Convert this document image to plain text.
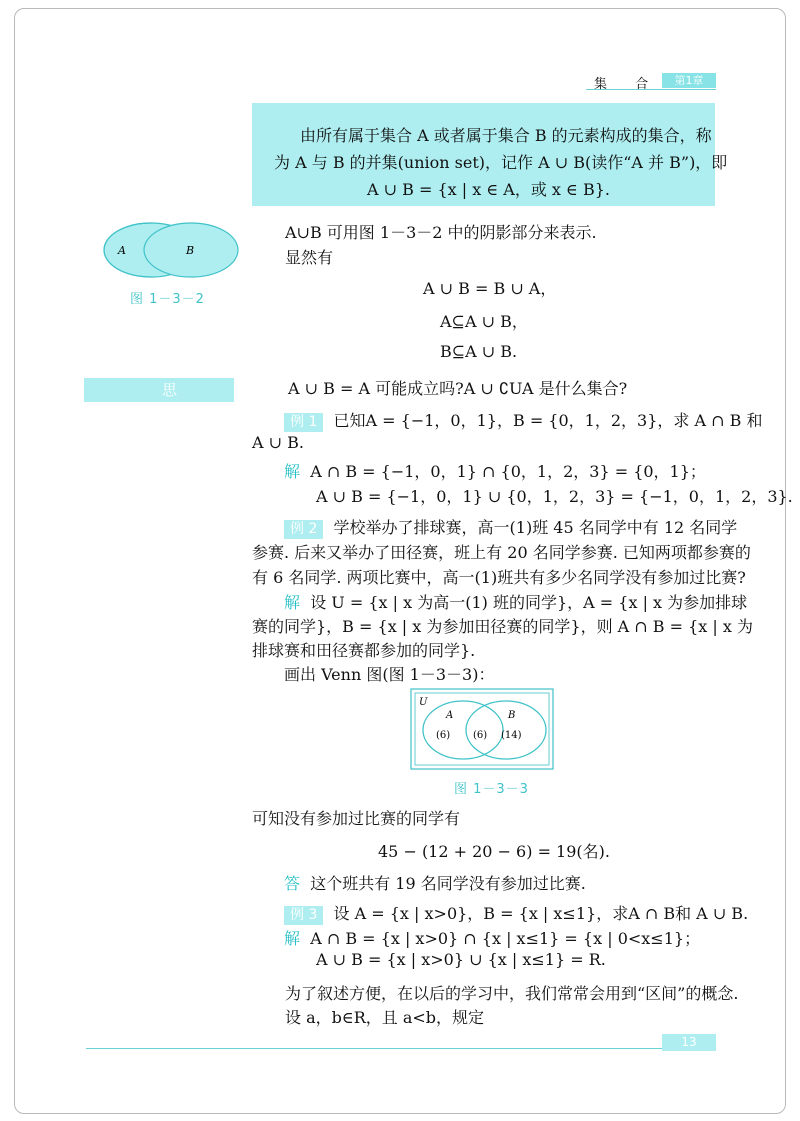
集 合	第1章
由所有属于集合 A 或者属于集合 B 的元素构成的集合，称
为 A 与 B 的并集(union set)，记作 A ∪ B(读作“A 并 B”)，即
A ∪ B = {x | x ∈ A，或 x ∈ B}.
A	B
图 1－3－2
A∪B 可用图 1－3－2 中的阴影部分来表示.
显然有
A ∪ B = B ∪ A，
A⊆A ∪ B，
B⊆A ∪ B.
思 考
A ∪ B = A 可能成立吗?A ∪ ∁UA 是什么集合?
例 1 已知A = {−1，0，1}，B = {0，1，2，3}，求 A ∩ B 和
A ∪ B.
解 A ∩ B = {−1，0，1} ∩ {0，1，2，3} = {0，1}；
A ∪ B = {−1，0，1} ∪ {0，1，2，3} = {−1，0，1，2，3}.
例 2 学校举办了排球赛，高一(1)班 45 名同学中有 12 名同学
参赛. 后来又举办了田径赛，班上有 20 名同学参赛. 已知两项都参赛的
有 6 名同学. 两项比赛中，高一(1)班共有多少名同学没有参加过比赛?
解 设 U = {x | x 为高一(1) 班的同学}，A = {x | x 为参加排球
赛的同学}，B = {x | x 为参加田径赛的同学}，则 A ∩ B = {x | x 为
排球赛和田径赛都参加的同学}.
画出 Venn 图(图 1－3－3)：
U
A	B
(6) (6) (14)
图 1－3－3
可知没有参加过比赛的同学有
45 − (12 + 20 − 6) = 19(名).
答 这个班共有 19 名同学没有参加过比赛.
例 3 设 A = {x | x>0}，B = {x | x≤1}，求A ∩ B和 A ∪ B.
解 A ∩ B = {x | x>0} ∩ {x | x≤1} = {x | 0<x≤1}；
A ∪ B = {x | x>0} ∪ {x | x≤1} = R.
为了叙述方便，在以后的学习中，我们常常会用到“区间”的概念.
设 a，b∈R，且 a<b，规定
13
